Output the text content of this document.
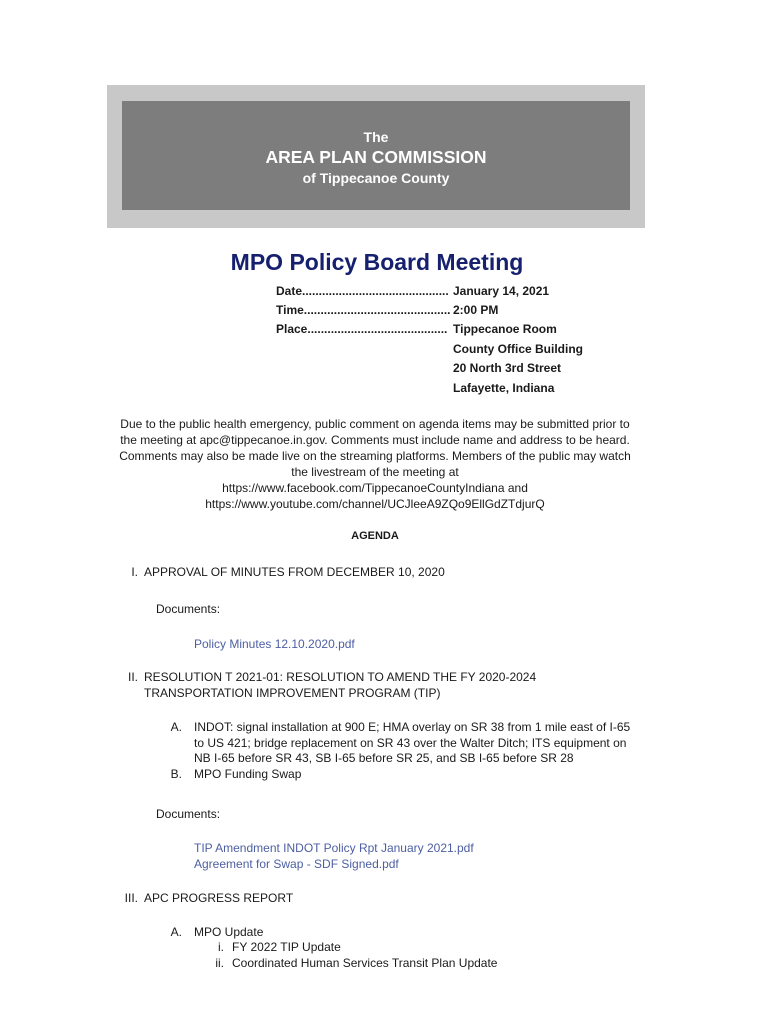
The
AREA PLAN COMMISSION
of Tippecanoe County
MPO Policy Board Meeting
Date............................................ January 14, 2021
Time............................................ 2:00 PM
Place.......................................... Tippecanoe Room
County Office Building
20 North 3rd Street
Lafayette, Indiana
Due to the public health emergency, public comment on agenda items may be submitted prior to
the meeting at apc@tippecanoe.in.gov. Comments must include name and address to be heard.
Comments may also be made live on the streaming platforms. Members of the public may watch
the livestream of the meeting at
https://www.facebook.com/TippecanoeCountyIndiana and
https://www.youtube.com/channel/UCJleeA9ZQo9EllGdZTdjurQ
AGENDA
I. APPROVAL OF MINUTES FROM DECEMBER 10, 2020
Documents:
Policy Minutes 12.10.2020.pdf
II. RESOLUTION T 2021-01: RESOLUTION TO AMEND THE FY 2020-2024
TRANSPORTATION IMPROVEMENT PROGRAM (TIP)
A. INDOT: signal installation at 900 E; HMA overlay on SR 38 from 1 mile east of I-65
to US 421; bridge replacement on SR 43 over the Walter Ditch; ITS equipment on
NB I-65 before SR 43, SB I-65 before SR 25, and SB I-65 before SR 28
B. MPO Funding Swap
Documents:
TIP Amendment INDOT Policy Rpt January 2021.pdf
Agreement for Swap - SDF Signed.pdf
III. APC PROGRESS REPORT
A. MPO Update
i. FY 2022 TIP Update
ii. Coordinated Human Services Transit Plan Update
